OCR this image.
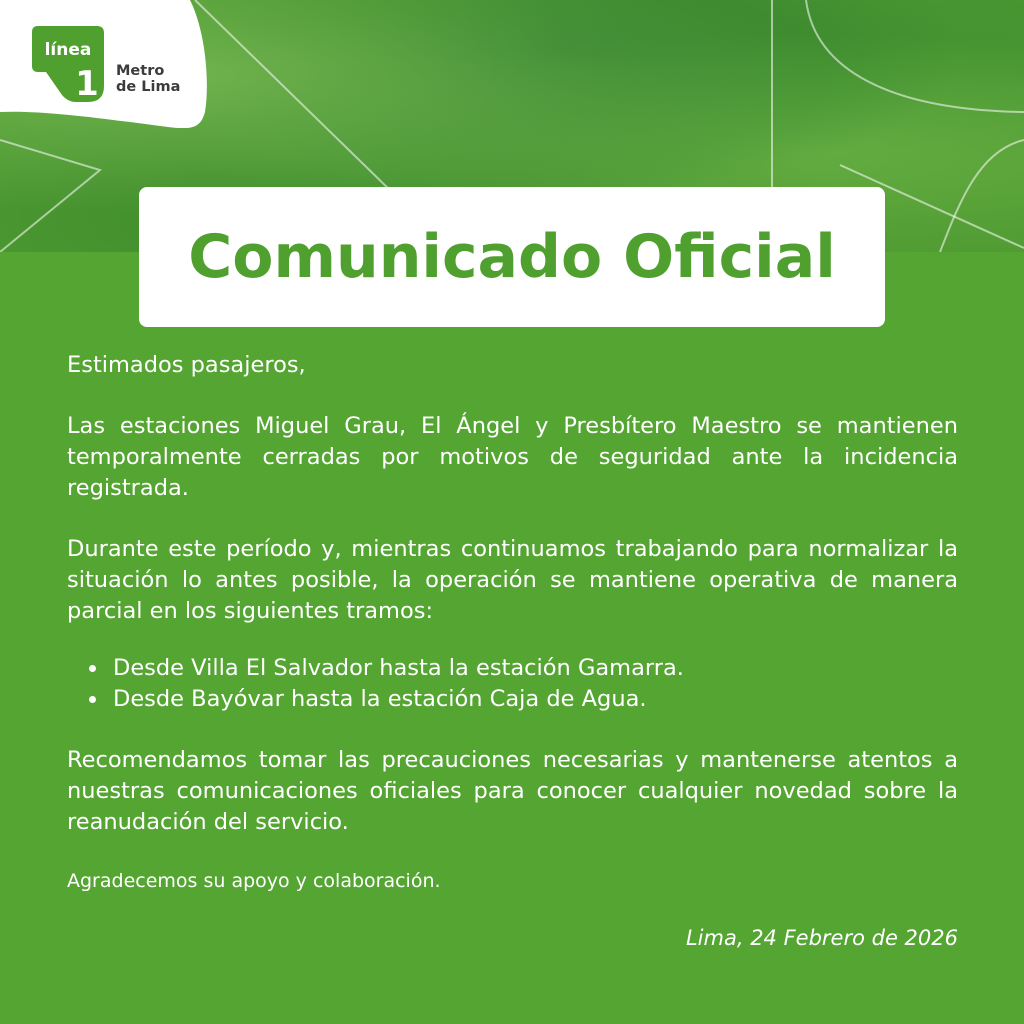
línea
1 Metro
de Lima
Comunicado Oficial

Estimados pasajeros,

Las estaciones Miguel Grau, El Ángel y Presbítero Maestro se mantienen temporalmente cerradas por motivos de seguridad ante la incidencia registrada.

Durante este período y, mientras continuamos trabajando para normalizar la situación lo antes posible, la operación se mantiene operativa de manera parcial en los siguientes tramos:

Desde Villa El Salvador hasta la estación Gamarra.
Desde Bayóvar hasta la estación Caja de Agua.

Recomendamos tomar las precauciones necesarias y mantenerse atentos a nuestras comunicaciones oficiales para conocer cualquier novedad sobre la reanudación del servicio.

Agradecemos su apoyo y colaboración.

Lima, 24 Febrero de 2026
